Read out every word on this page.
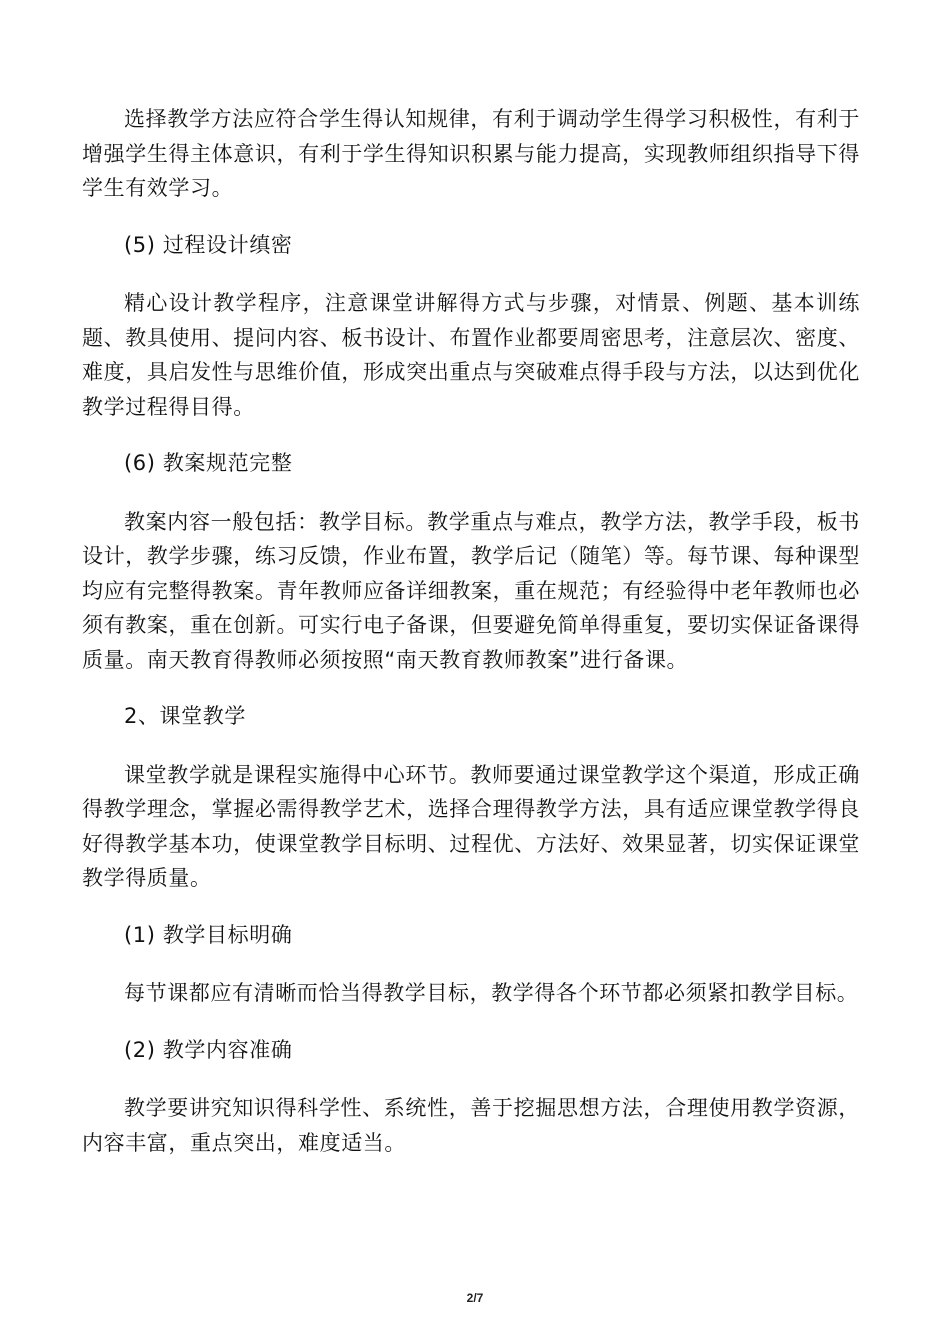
选择教学方法应符合学生得认知规律，有利于调动学生得学习积极性，有利于增强学生得主体意识，有利于学生得知识积累与能力提高，实现教师组织指导下得学生有效学习。

(5) 过程设计缜密

精心设计教学程序，注意课堂讲解得方式与步骤，对情景、例题、基本训练题、教具使用、提问内容、板书设计、布置作业都要周密思考，注意层次、密度、难度，具启发性与思维价值，形成突出重点与突破难点得手段与方法，以达到优化教学过程得目得。

(6) 教案规范完整

教案内容一般包括：教学目标。教学重点与难点，教学方法，教学手段，板书设计，教学步骤，练习反馈，作业布置，教学后记（随笔）等。每节课、每种课型均应有完整得教案。青年教师应备详细教案，重在规范；有经验得中老年教师也必须有教案，重在创新。可实行电子备课，但要避免简单得重复，要切实保证备课得质量。南天教育得教师必须按照“南天教育教师教案”进行备课。

2、课堂教学

课堂教学就是课程实施得中心环节。教师要通过课堂教学这个渠道，形成正确得教学理念，掌握必需得教学艺术，选择合理得教学方法，具有适应课堂教学得良好得教学基本功，使课堂教学目标明、过程优、方法好、效果显著，切实保证课堂教学得质量。

(1) 教学目标明确

每节课都应有清晰而恰当得教学目标，教学得各个环节都必须紧扣教学目标。

(2) 教学内容准确

教学要讲究知识得科学性、系统性，善于挖掘思想方法，合理使用教学资源，内容丰富，重点突出，难度适当。

2/7
